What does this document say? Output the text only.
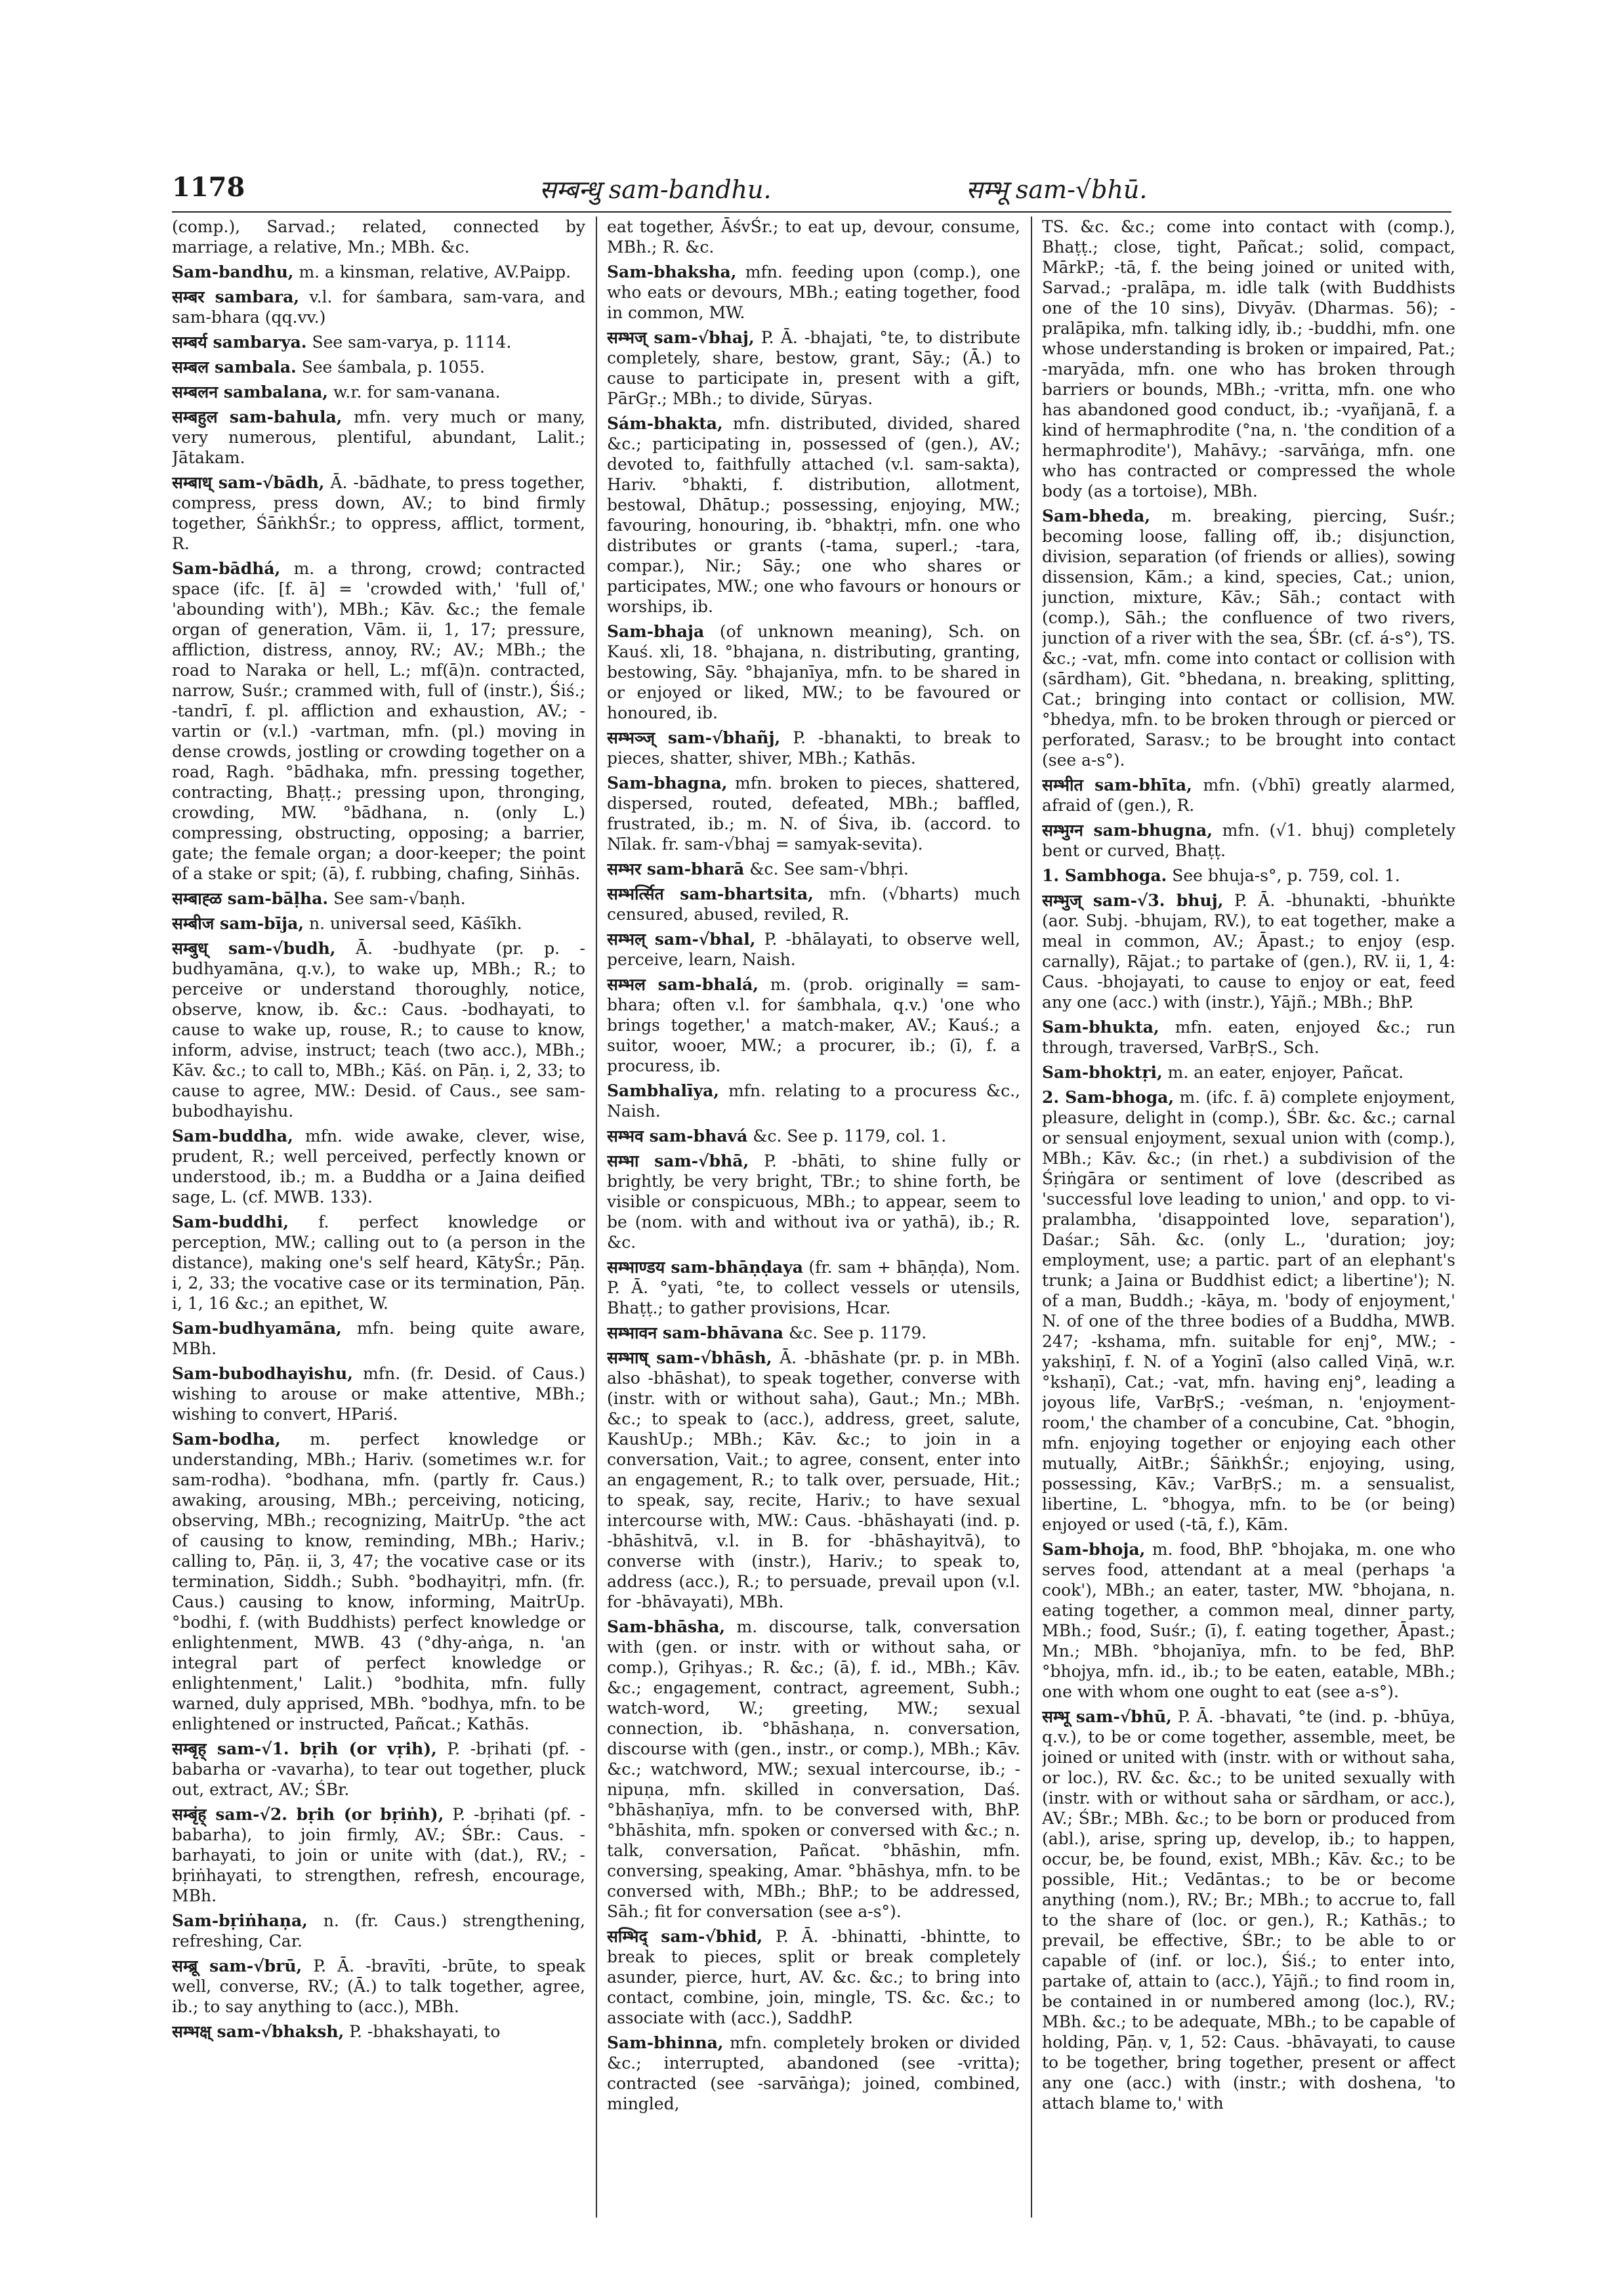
1178	सम्बन्धु sam-bandhu.	सम्भू sam-√bhū.

(comp.), Sarvad.; related, connected by marriage, a relative, Mn.; MBh. &c.

Sam-bandhu, m. a kinsman, relative, AV.Paipp.

सम्बर sambara, v.l. for śambara, sam-vara, and sam-bhara (qq.vv.)

सम्बर्य sambarya. See sam-varya, p. 1114.

सम्बल sambala. See śambala, p. 1055.

सम्बलन sambalana, w.r. for sam-vanana.

सम्बहुल sam-bahula, mfn. very much or many, very numerous, plentiful, abundant, Lalit.; Jātakam.

सम्बाध् sam-√bādh, Ā. -bādhate, to press together, compress, press down, AV.; to bind firmly together, ŚāṅkhŚr.; to oppress, afflict, torment, R.

Sam-bādhá, m. a throng, crowd; contracted space (ifc. [f. ā] = 'crowded with,' 'full of,' 'abounding with'), MBh.; Kāv. &c.; the female organ of generation, Vām. ii, 1, 17; pressure, affliction, distress, annoy, RV.; AV.; MBh.; the road to Naraka or hell, L.; mf(ā)n. contracted, narrow, Suśr.; crammed with, full of (instr.), Śiś.; -tandrī, f. pl. affliction and exhaustion, AV.; -vartin or (v.l.) -vartman, mfn. (pl.) moving in dense crowds, jostling or crowding together on a road, Ragh. °bādhaka, mfn. pressing together, contracting, Bhaṭṭ.; pressing upon, thronging, crowding, MW. °bādhana, n. (only L.) compressing, obstructing, opposing; a barrier, gate; the female organ; a door-keeper; the point of a stake or spit; (ā), f. rubbing, chafing, Siṅhās.

सम्बाह्ळ sam-bāḷha. See sam-√baṇh.

सम्बीज sam-bīja, n. universal seed, Kāśīkh.

सम्बुध् sam-√budh, Ā. -budhyate (pr. p. -budhyamāna, q.v.), to wake up, MBh.; R.; to perceive or understand thoroughly, notice, observe, know, ib. &c.: Caus. -bodhayati, to cause to wake up, rouse, R.; to cause to know, inform, advise, instruct; teach (two acc.), MBh.; Kāv. &c.; to call to, MBh.; Kāś. on Pāṇ. i, 2, 33; to cause to agree, MW.: Desid. of Caus., see sam-bubodhayishu.

Sam-buddha, mfn. wide awake, clever, wise, prudent, R.; well perceived, perfectly known or understood, ib.; m. a Buddha or a Jaina deified sage, L. (cf. MWB. 133).

Sam-buddhi, f. perfect knowledge or perception, MW.; calling out to (a person in the distance), making one's self heard, KātyŚr.; Pāṇ. i, 2, 33; the vocative case or its termination, Pāṇ. i, 1, 16 &c.; an epithet, W.

Sam-budhyamāna, mfn. being quite aware, MBh.

Sam-bubodhayishu, mfn. (fr. Desid. of Caus.) wishing to arouse or make attentive, MBh.; wishing to convert, HPariś.

Sam-bodha, m. perfect knowledge or understanding, MBh.; Hariv. (sometimes w.r. for sam-rodha). °bodhana, mfn. (partly fr. Caus.) awaking, arousing, MBh.; perceiving, noticing, observing, MBh.; recognizing, MaitrUp. °the act of causing to know, reminding, MBh.; Hariv.; calling to, Pāṇ. ii, 3, 47; the vocative case or its termination, Siddh.; Subh. °bodhayitṛi, mfn. (fr. Caus.) causing to know, informing, MaitrUp. °bodhi, f. (with Buddhists) perfect knowledge or enlightenment, MWB. 43 (°dhy-aṅga, n. 'an integral part of perfect knowledge or enlightenment,' Lalit.) °bodhita, mfn. fully warned, duly apprised, MBh. °bodhya, mfn. to be enlightened or instructed, Pañcat.; Kathās.

सम्बृह् sam-√1. bṛih (or vṛih), P. -bṛihati (pf. -babarha or -vavarha), to tear out together, pluck out, extract, AV.; ŚBr.

सम्बृंह् sam-√2. bṛih (or bṛiṅh), P. -bṛihati (pf. -babarha), to join firmly, AV.; ŚBr.: Caus. -barhayati, to join or unite with (dat.), RV.; -bṛiṅhayati, to strengthen, refresh, encourage, MBh.

Sam-bṛiṅhaṇa, n. (fr. Caus.) strengthening, refreshing, Car.

सम्ब्रू sam-√brū, P. Ā. -bravīti, -brūte, to speak well, converse, RV.; (Ā.) to talk together, agree, ib.; to say anything to (acc.), MBh.

सम्भक्ष् sam-√bhaksh, P. -bhakshayati, to

eat together, ĀśvŚr.; to eat up, devour, consume, MBh.; R. &c.

Sam-bhaksha, mfn. feeding upon (comp.), one who eats or devours, MBh.; eating together, food in common, MW.

सम्भज् sam-√bhaj, P. Ā. -bhajati, °te, to distribute completely, share, bestow, grant, Sāy.; (Ā.) to cause to participate in, present with a gift, PārGṛ.; MBh.; to divide, Sūryas.

Sám-bhakta, mfn. distributed, divided, shared &c.; participating in, possessed of (gen.), AV.; devoted to, faithfully attached (v.l. sam-sakta), Hariv. °bhakti, f. distribution, allotment, bestowal, Dhātup.; possessing, enjoying, MW.; favouring, honouring, ib. °bhaktṛi, mfn. one who distributes or grants (-tama, superl.; -tara, compar.), Nir.; Sāy.; one who shares or participates, MW.; one who favours or honours or worships, ib.

Sam-bhaja (of unknown meaning), Sch. on Kauś. xli, 18. °bhajana, n. distributing, granting, bestowing, Sāy. °bhajanīya, mfn. to be shared in or enjoyed or liked, MW.; to be favoured or honoured, ib.

सम्भञ्ज् sam-√bhañj, P. -bhanakti, to break to pieces, shatter, shiver, MBh.; Kathās.

Sam-bhagna, mfn. broken to pieces, shattered, dispersed, routed, defeated, MBh.; baffled, frustrated, ib.; m. N. of Śiva, ib. (accord. to Nīlak. fr. sam-√bhaj = samyak-sevita).

सम्भर sam-bharā &c. See sam-√bhṛi.

सम्भर्त्सित sam-bhartsita, mfn. (√bharts) much censured, abused, reviled, R.

सम्भल् sam-√bhal, P. -bhālayati, to observe well, perceive, learn, Naish.

सम्भल sam-bhalá, m. (prob. originally = sam-bhara; often v.l. for śambhala, q.v.) 'one who brings together,' a match-maker, AV.; Kauś.; a suitor, wooer, MW.; a procurer, ib.; (ī), f. a procuress, ib.

Sambhalīya, mfn. relating to a procuress &c., Naish.

सम्भव sam-bhavá &c. See p. 1179, col. 1.

सम्भा sam-√bhā, P. -bhāti, to shine fully or brightly, be very bright, TBr.; to shine forth, be visible or conspicuous, MBh.; to appear, seem to be (nom. with and without iva or yathā), ib.; R. &c.

सम्भाण्डय sam-bhāṇḍaya (fr. sam + bhāṇḍa), Nom. P. Ā. °yati, °te, to collect vessels or utensils, Bhaṭṭ.; to gather provisions, Hcar.

सम्भावन sam-bhāvana &c. See p. 1179.

सम्भाष् sam-√bhāsh, Ā. -bhāshate (pr. p. in MBh. also -bhāshat), to speak together, converse with (instr. with or without saha), Gaut.; Mn.; MBh. &c.; to speak to (acc.), address, greet, salute, KaushUp.; MBh.; Kāv. &c.; to join in a conversation, Vait.; to agree, consent, enter into an engagement, R.; to talk over, persuade, Hit.; to speak, say, recite, Hariv.; to have sexual intercourse with, MW.: Caus. -bhāshayati (ind. p. -bhāshitvā, v.l. in B. for -bhāshayitvā), to converse with (instr.), Hariv.; to speak to, address (acc.), R.; to persuade, prevail upon (v.l. for -bhāvayati), MBh.

Sam-bhāsha, m. discourse, talk, conversation with (gen. or instr. with or without saha, or comp.), Gṛihyas.; R. &c.; (ā), f. id., MBh.; Kāv. &c.; engagement, contract, agreement, Subh.; watch-word, W.; greeting, MW.; sexual connection, ib. °bhāshaṇa, n. conversation, discourse with (gen., instr., or comp.), MBh.; Kāv. &c.; watchword, MW.; sexual intercourse, ib.; -nipuṇa, mfn. skilled in conversation, Daś. °bhāshaṇīya, mfn. to be conversed with, BhP. °bhāshita, mfn. spoken or conversed with &c.; n. talk, conversation, Pañcat. °bhāshin, mfn. conversing, speaking, Amar. °bhāshya, mfn. to be conversed with, MBh.; BhP.; to be addressed, Sāh.; fit for conversation (see a-s°).

सम्भिद् sam-√bhid, P. Ā. -bhinatti, -bhintte, to break to pieces, split or break completely asunder, pierce, hurt, AV. &c. &c.; to bring into contact, combine, join, mingle, TS. &c. &c.; to associate with (acc.), SaddhP.

Sam-bhinna, mfn. completely broken or divided &c.; interrupted, abandoned (see -vritta); contracted (see -sarvāṅga); joined, combined, mingled,

TS. &c. &c.; come into contact with (comp.), Bhaṭṭ.; close, tight, Pañcat.; solid, compact, MārkP.; -tā, f. the being joined or united with, Sarvad.; -pralāpa, m. idle talk (with Buddhists one of the 10 sins), Divyāv. (Dharmas. 56); -pralāpika, mfn. talking idly, ib.; -buddhi, mfn. one whose understanding is broken or impaired, Pat.; -maryāda, mfn. one who has broken through barriers or bounds, MBh.; -vritta, mfn. one who has abandoned good conduct, ib.; -vyañjanā, f. a kind of hermaphrodite (°na, n. 'the condition of a hermaphrodite'), Mahāvy.; -sarvāṅga, mfn. one who has contracted or compressed the whole body (as a tortoise), MBh.

Sam-bheda, m. breaking, piercing, Suśr.; becoming loose, falling off, ib.; disjunction, division, separation (of friends or allies), sowing dissension, Kām.; a kind, species, Cat.; union, junction, mixture, Kāv.; Sāh.; contact with (comp.), Sāh.; the confluence of two rivers, junction of a river with the sea, ŚBr. (cf. á-s°), TS. &c.; -vat, mfn. come into contact or collision with (sārdham), Git. °bhedana, n. breaking, splitting, Cat.; bringing into contact or collision, MW. °bhedya, mfn. to be broken through or pierced or perforated, Sarasv.; to be brought into contact (see a-s°).

सम्भीत sam-bhīta, mfn. (√bhī) greatly alarmed, afraid of (gen.), R.

सम्भुग्न sam-bhugna, mfn. (√1. bhuj) completely bent or curved, Bhaṭṭ.

1. Sambhoga. See bhuja-s°, p. 759, col. 1.

सम्भुज् sam-√3. bhuj, P. Ā. -bhunakti, -bhuṅkte (aor. Subj. -bhujam, RV.), to eat together, make a meal in common, AV.; Āpast.; to enjoy (esp. carnally), Rājat.; to partake of (gen.), RV. ii, 1, 4: Caus. -bhojayati, to cause to enjoy or eat, feed any one (acc.) with (instr.), Yājñ.; MBh.; BhP.

Sam-bhukta, mfn. eaten, enjoyed &c.; run through, traversed, VarBṛS., Sch.

Sam-bhoktṛi, m. an eater, enjoyer, Pañcat.

2. Sam-bhoga, m. (ifc. f. ā) complete enjoyment, pleasure, delight in (comp.), ŚBr. &c. &c.; carnal or sensual enjoyment, sexual union with (comp.), MBh.; Kāv. &c.; (in rhet.) a subdivision of the Śṛiṅgāra or sentiment of love (described as 'successful love leading to union,' and opp. to vi-pralambha, 'disappointed love, separation'), Daśar.; Sāh. &c. (only L., 'duration; joy; employment, use; a partic. part of an elephant's trunk; a Jaina or Buddhist edict; a libertine'); N. of a man, Buddh.; -kāya, m. 'body of enjoyment,' N. of one of the three bodies of a Buddha, MWB. 247; -kshama, mfn. suitable for enj°, MW.; -yakshiṇī, f. N. of a Yoginī (also called Viṇā, w.r. °kshaṇī), Cat.; -vat, mfn. having enj°, leading a joyous life, VarBṛS.; -veśman, n. 'enjoyment-room,' the chamber of a concubine, Cat. °bhogin, mfn. enjoying together or enjoying each other mutually, AitBr.; ŚāṅkhŚr.; enjoying, using, possessing, Kāv.; VarBṛS.; m. a sensualist, libertine, L. °bhogya, mfn. to be (or being) enjoyed or used (-tā, f.), Kām.

Sam-bhoja, m. food, BhP. °bhojaka, m. one who serves food, attendant at a meal (perhaps 'a cook'), MBh.; an eater, taster, MW. °bhojana, n. eating together, a common meal, dinner party, MBh.; food, Suśr.; (ī), f. eating together, Āpast.; Mn.; MBh. °bhojanīya, mfn. to be fed, BhP. °bhojya, mfn. id., ib.; to be eaten, eatable, MBh.; one with whom one ought to eat (see a-s°).

सम्भू sam-√bhū, P. Ā. -bhavati, °te (ind. p. -bhūya, q.v.), to be or come together, assemble, meet, be joined or united with (instr. with or without saha, or loc.), RV. &c. &c.; to be united sexually with (instr. with or without saha or sārdham, or acc.), AV.; ŚBr.; MBh. &c.; to be born or produced from (abl.), arise, spring up, develop, ib.; to happen, occur, be, be found, exist, MBh.; Kāv. &c.; to be possible, Hit.; Vedāntas.; to be or become anything (nom.), RV.; Br.; MBh.; to accrue to, fall to the share of (loc. or gen.), R.; Kathās.; to prevail, be effective, ŚBr.; to be able to or capable of (inf. or loc.), Śiś.; to enter into, partake of, attain to (acc.), Yājñ.; to find room in, be contained in or numbered among (loc.), RV.; MBh. &c.; to be adequate, MBh.; to be capable of holding, Pāṇ. v, 1, 52: Caus. -bhāvayati, to cause to be together, bring together, present or affect any one (acc.) with (instr.; with doshena, 'to attach blame to,' with
